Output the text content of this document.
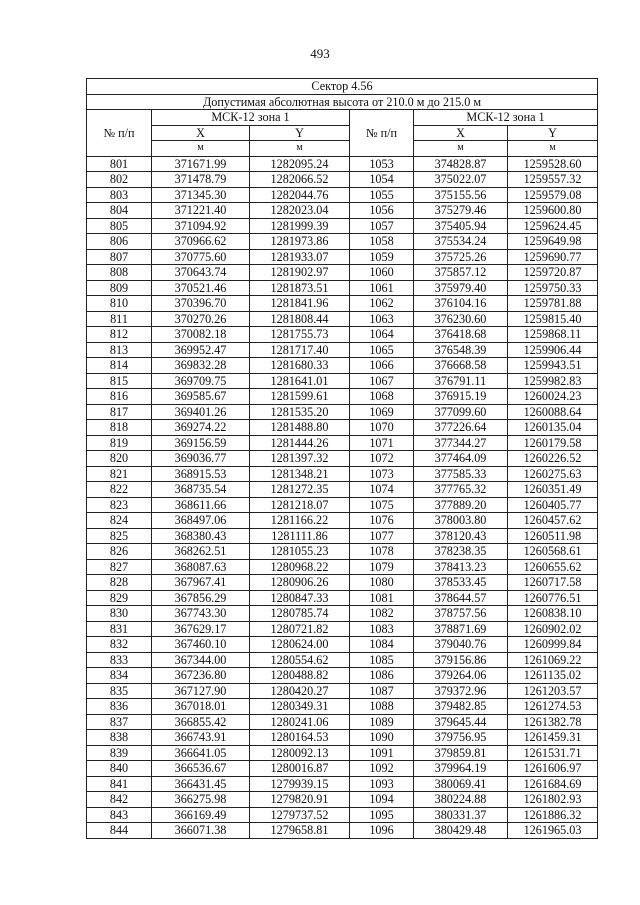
493
Сектор 4.56					
Допустимая абсолютная высота от 210.0 м до 215.0 м					
№ п/п	МСК-12 зона 1		№ п/п	МСК-12 зона 1	
	X	Y		X	Y
	м	м		м	м
801	371671.99	1282095.24	1053	374828.87	1259528.60
802	371478.79	1282066.52	1054	375022.07	1259557.32
803	371345.30	1282044.76	1055	375155.56	1259579.08
804	371221.40	1282023.04	1056	375279.46	1259600.80
805	371094.92	1281999.39	1057	375405.94	1259624.45
806	370966.62	1281973.86	1058	375534.24	1259649.98
807	370775.60	1281933.07	1059	375725.26	1259690.77
808	370643.74	1281902.97	1060	375857.12	1259720.87
809	370521.46	1281873.51	1061	375979.40	1259750.33
810	370396.70	1281841.96	1062	376104.16	1259781.88
811	370270.26	1281808.44	1063	376230.60	1259815.40
812	370082.18	1281755.73	1064	376418.68	1259868.11
813	369952.47	1281717.40	1065	376548.39	1259906.44
814	369832.28	1281680.33	1066	376668.58	1259943.51
815	369709.75	1281641.01	1067	376791.11	1259982.83
816	369585.67	1281599.61	1068	376915.19	1260024.23
817	369401.26	1281535.20	1069	377099.60	1260088.64
818	369274.22	1281488.80	1070	377226.64	1260135.04
819	369156.59	1281444.26	1071	377344.27	1260179.58
820	369036.77	1281397.32	1072	377464.09	1260226.52
821	368915.53	1281348.21	1073	377585.33	1260275.63
822	368735.54	1281272.35	1074	377765.32	1260351.49
823	368611.66	1281218.07	1075	377889.20	1260405.77
824	368497.06	1281166.22	1076	378003.80	1260457.62
825	368380.43	1281111.86	1077	378120.43	1260511.98
826	368262.51	1281055.23	1078	378238.35	1260568.61
827	368087.63	1280968.22	1079	378413.23	1260655.62
828	367967.41	1280906.26	1080	378533.45	1260717.58
829	367856.29	1280847.33	1081	378644.57	1260776.51
830	367743.30	1280785.74	1082	378757.56	1260838.10
831	367629.17	1280721.82	1083	378871.69	1260902.02
832	367460.10	1280624.00	1084	379040.76	1260999.84
833	367344.00	1280554.62	1085	379156.86	1261069.22
834	367236.80	1280488.82	1086	379264.06	1261135.02
835	367127.90	1280420.27	1087	379372.96	1261203.57
836	367018.01	1280349.31	1088	379482.85	1261274.53
837	366855.42	1280241.06	1089	379645.44	1261382.78
838	366743.91	1280164.53	1090	379756.95	1261459.31
839	366641.05	1280092.13	1091	379859.81	1261531.71
840	366536.67	1280016.87	1092	379964.19	1261606.97
841	366431.45	1279939.15	1093	380069.41	1261684.69
842	366275.98	1279820.91	1094	380224.88	1261802.93
843	366169.49	1279737.52	1095	380331.37	1261886.32
844	366071.38	1279658.81	1096	380429.48	1261965.03
